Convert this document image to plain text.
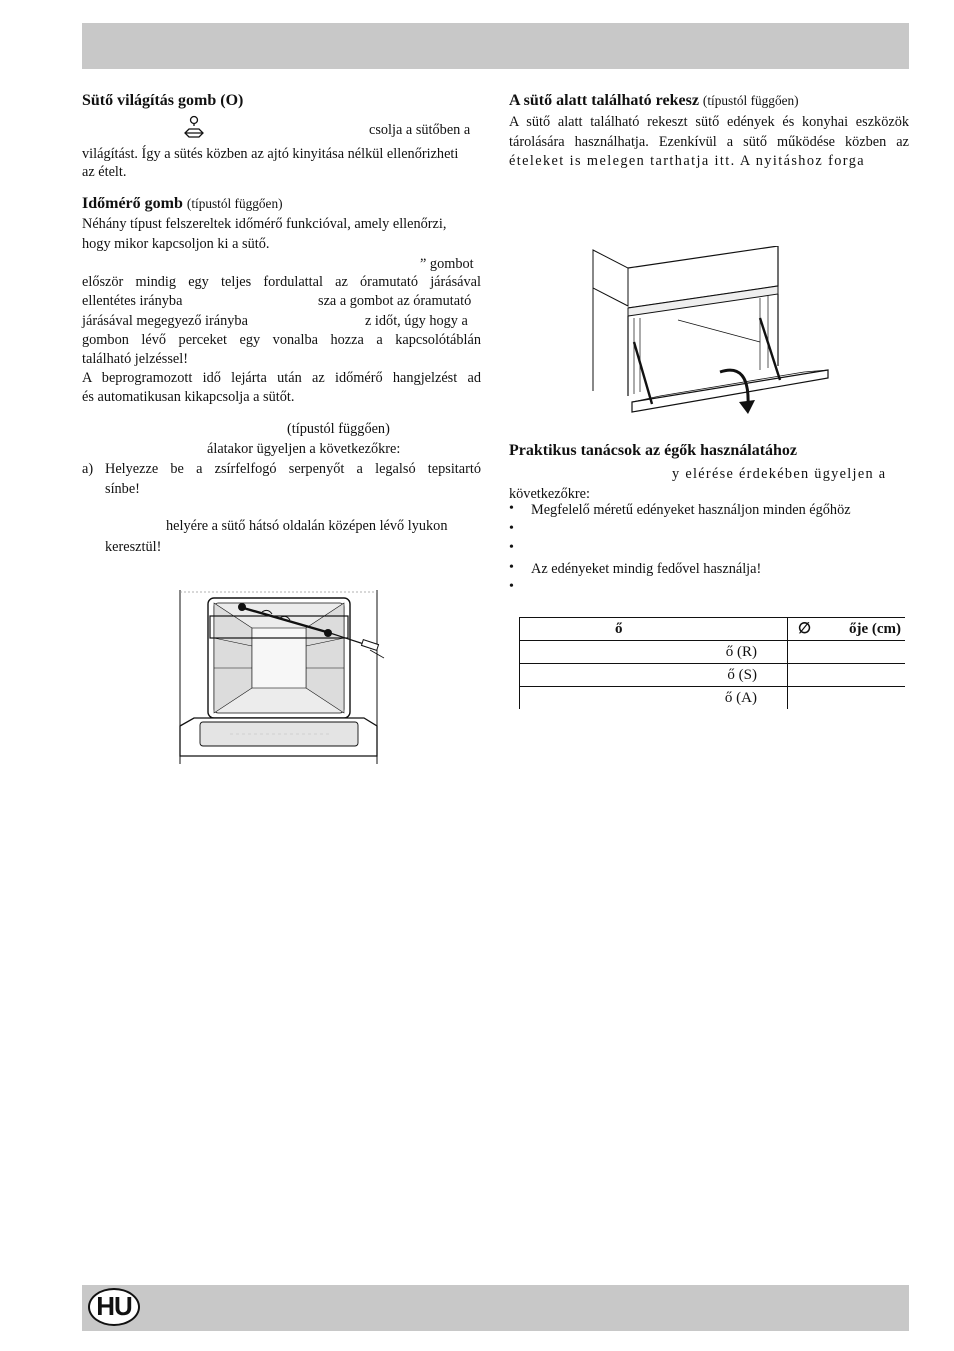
HU
Sütő világítás gomb (O)
csolja a sütőben a
világítást. Így a sütés közben az ajtó kinyitása nélkül ellenőrizheti
az ételt.
Időmérő gomb (típustól függően)
Néhány típust felszereltek időmérő funkcióval, amely ellenőrzi,
hogy mikor kapcsoljon ki a sütő.
” gombot
először mindig egy teljes fordulattal az óramutató járásával
ellentétes irányba	sza a gombot az óramutató
járásával megegyező irányba	z időt, úgy hogy a
gombon lévő perceket egy vonalba hozza a kapcsolótáblán
található jelzéssel!
A beprogramozott idő lejárta után az időmérő hangjelzést ad
és automatikusan kikapcsolja a sütőt.
(típustól függően)
álatakor ügyeljen a következőkre:
a) Helyezze be a zsírfelfogó serpenyőt a legalsó tepsitartó
sínbe!
helyére a sütő hátsó oldalán középen lévő lyukon
keresztül!
A sütő alatt található rekesz (típustól függően)
A sütő alatt található rekeszt sütő edények és konyhai eszközök
tárolására használhatja. Ezenkívül a sütő működése közben az
ételeket is melegen tarthatja itt. A nyitáshoz forga
Praktikus tanácsok az égők használatához
y elérése érdekében ügyeljen a
következőkre:
• Megfelelő méretű edényeket használjon minden égőhöz
•
•
• Az edényeket mindig fedővel használja!
•
ő	∅ ője (cm)

ő (R)	
ő (S)	
ő (A)	
